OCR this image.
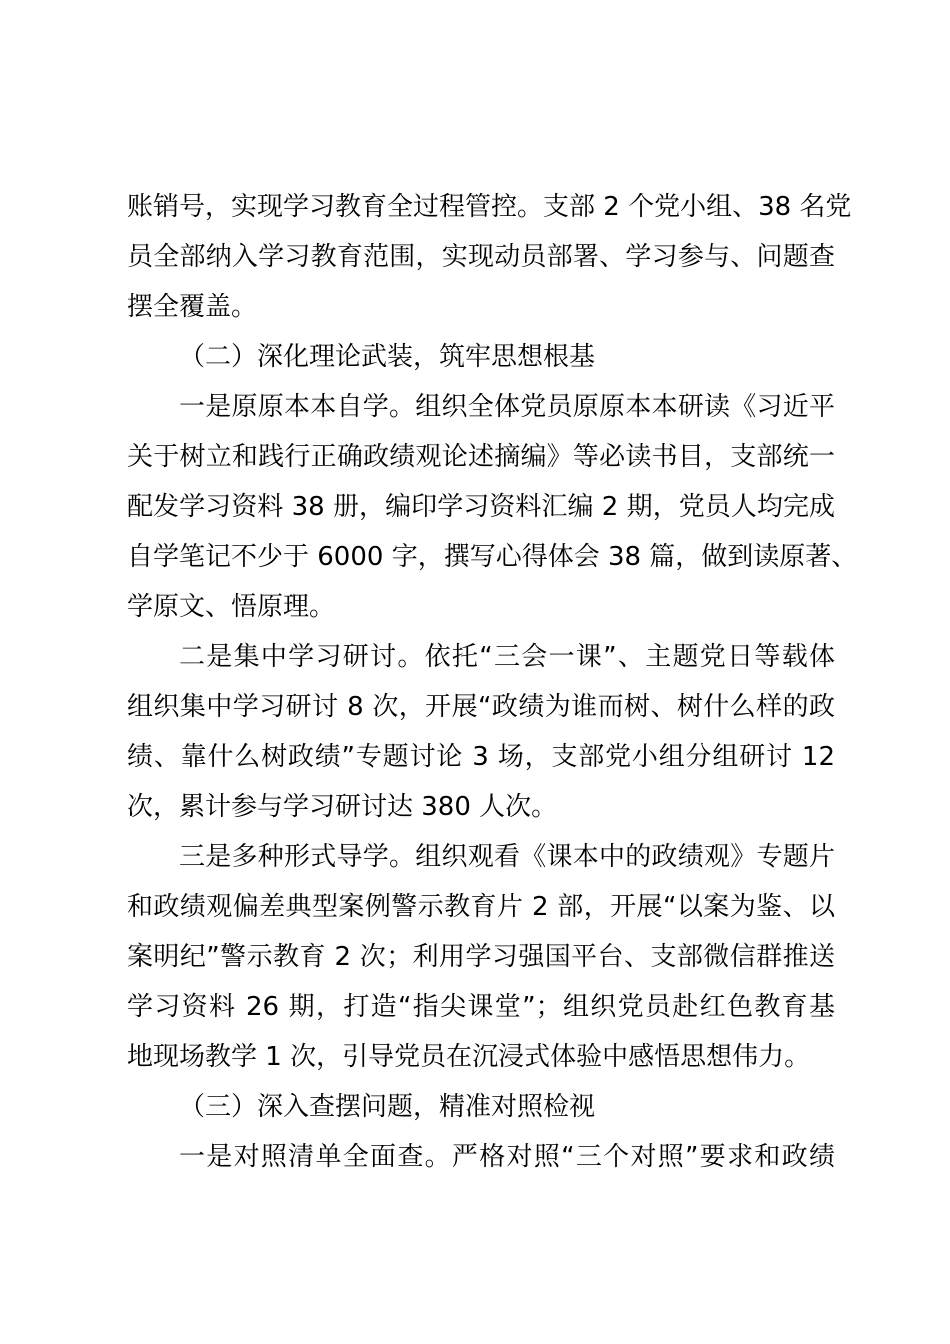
账销号，实现学习教育全过程管控。支部 2 个党小组、38 名党
员全部纳入学习教育范围，实现动员部署、学习参与、问题查
摆全覆盖。
（二）深化理论武装，筑牢思想根基
一是原原本本自学。组织全体党员原原本本研读《习近平
关于树立和践行正确政绩观论述摘编》等必读书目，支部统一
配发学习资料 38 册，编印学习资料汇编 2 期，党员人均完成
自学笔记不少于 6000 字，撰写心得体会 38 篇，做到读原著、
学原文、悟原理。
二是集中学习研讨。依托“三会一课”、主题党日等载体
组织集中学习研讨 8 次，开展“政绩为谁而树、树什么样的政
绩、靠什么树政绩”专题讨论 3 场，支部党小组分组研讨 12
次，累计参与学习研讨达 380 人次。
三是多种形式导学。组织观看《课本中的政绩观》专题片
和政绩观偏差典型案例警示教育片 2 部，开展“以案为鉴、以
案明纪”警示教育 2 次；利用学习强国平台、支部微信群推送
学习资料 26 期，打造“指尖课堂”；组织党员赴红色教育基
地现场教学 1 次，引导党员在沉浸式体验中感悟思想伟力。
（三）深入查摆问题，精准对照检视
一是对照清单全面查。严格对照“三个对照”要求和政绩
